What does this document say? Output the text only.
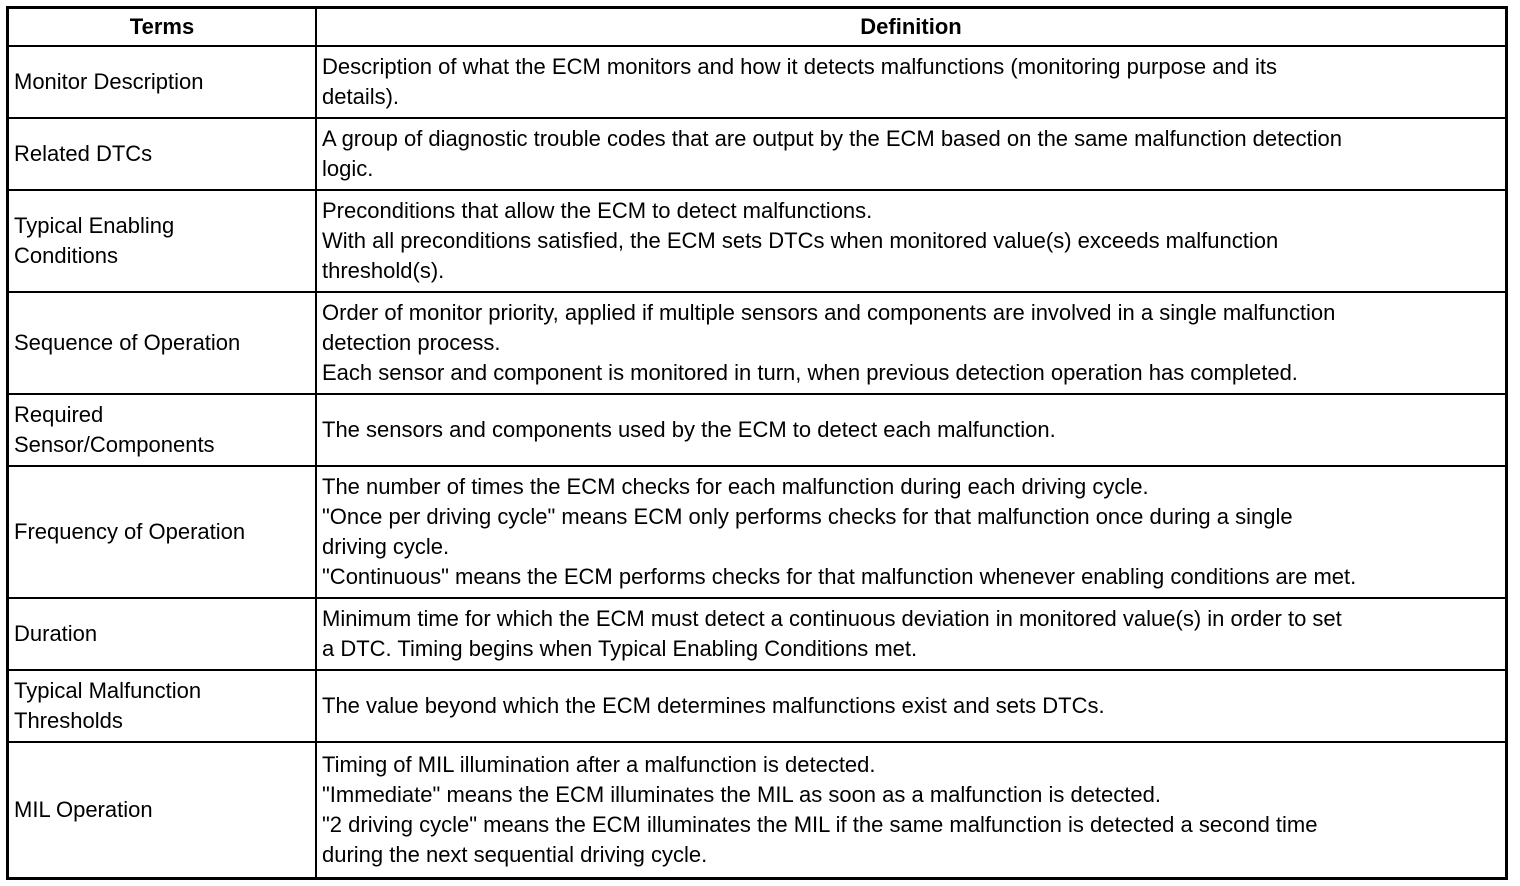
Terms	Definition

Monitor Description	Description of what the ECM monitors and how it detects malfunctions (monitoring purpose and its
details).

Related DTCs	A group of diagnostic trouble codes that are output by the ECM based on the same malfunction detection
logic.

Typical Enabling
Conditions	Preconditions that allow the ECM to detect malfunctions.
With all preconditions satisfied, the ECM sets DTCs when monitored value(s) exceeds malfunction
threshold(s).

Sequence of Operation	Order of monitor priority, applied if multiple sensors and components are involved in a single malfunction
detection process.
Each sensor and component is monitored in turn, when previous detection operation has completed.

Required
Sensor/Components	The sensors and components used by the ECM to detect each malfunction.

Frequency of Operation	The number of times the ECM checks for each malfunction during each driving cycle.
"Once per driving cycle" means ECM only performs checks for that malfunction once during a single
driving cycle.
"Continuous" means the ECM performs checks for that malfunction whenever enabling conditions are met.

Duration	Minimum time for which the ECM must detect a continuous deviation in monitored value(s) in order to set
a DTC. Timing begins when Typical Enabling Conditions met.

Typical Malfunction
Thresholds	The value beyond which the ECM determines malfunctions exist and sets DTCs.

MIL Operation	Timing of MIL illumination after a malfunction is detected.
"Immediate" means the ECM illuminates the MIL as soon as a malfunction is detected.
"2 driving cycle" means the ECM illuminates the MIL if the same malfunction is detected a second time
during the next sequential driving cycle.
